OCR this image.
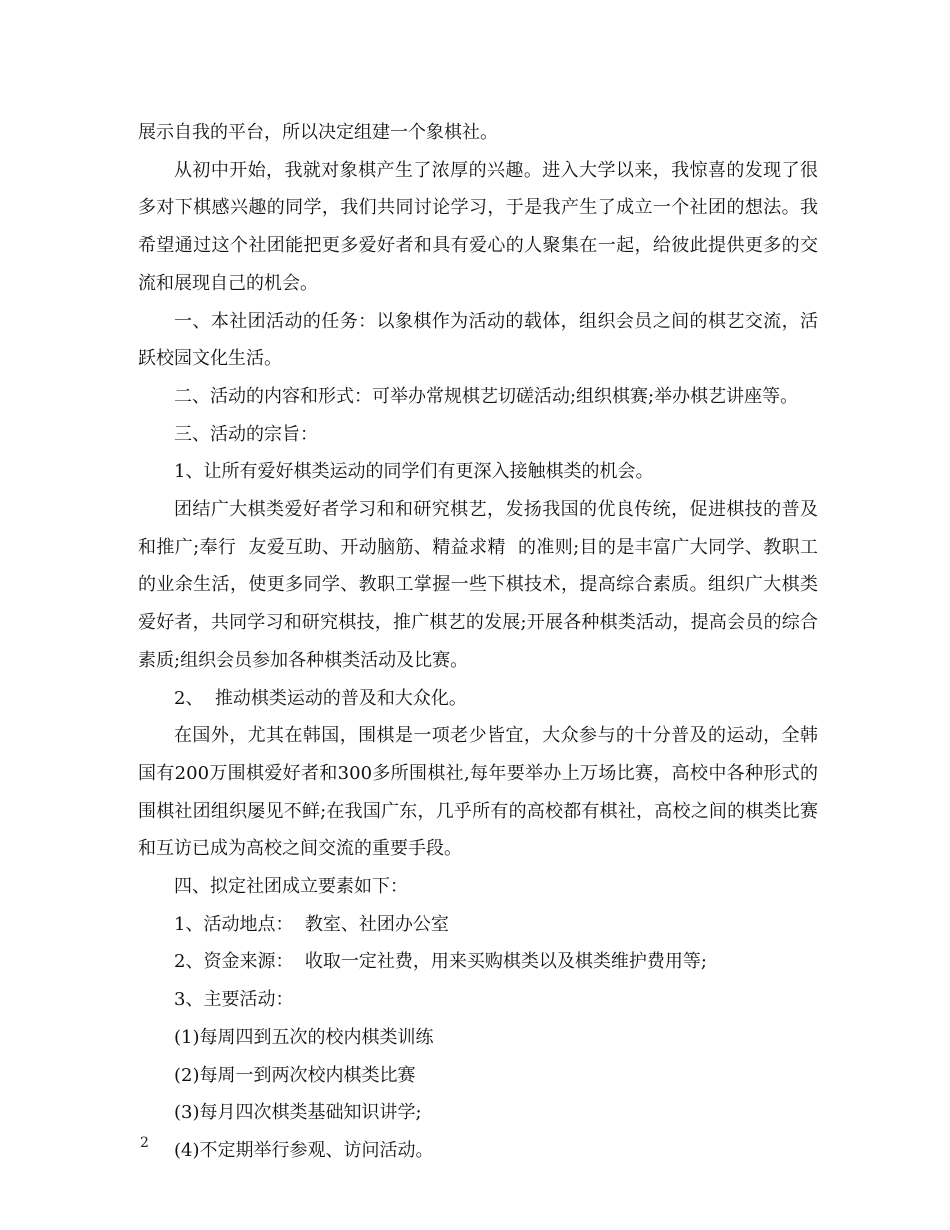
展示自我的平台，所以决定组建一个象棋社。

从初中开始，我就对象棋产生了浓厚的兴趣。进入大学以来，我惊喜的发现了很多对下棋感兴趣的同学，我们共同讨论学习，于是我产生了成立一个社团的想法。我希望通过这个社团能把更多爱好者和具有爱心的人聚集在一起，给彼此提供更多的交流和展现自己的机会。

一、本社团活动的任务：以象棋作为活动的载体，组织会员之间的棋艺交流，活跃校园文化生活。

二、活动的内容和形式：可举办常规棋艺切磋活动;组织棋赛;举办棋艺讲座等。

三、活动的宗旨：

1、让所有爱好棋类运动的同学们有更深入接触棋类的机会。

团结广大棋类爱好者学习和和研究棋艺，发扬我国的优良传统，促进棋技的普及和推广;奉行  友爱互助、开动脑筋、精益求精  的准则;目的是丰富广大同学、教职工的业余生活，使更多同学、教职工掌握一些下棋技术，提高综合素质。组织广大棋类爱好者，共同学习和研究棋技，推广棋艺的发展;开展各种棋类活动，提高会员的综合素质;组织会员参加各种棋类活动及比赛。

2、  推动棋类运动的普及和大众化。

在国外，尤其在韩国，围棋是一项老少皆宜，大众参与的十分普及的运动，全韩国有200万围棋爱好者和300多所围棋社,每年要举办上万场比赛，高校中各种形式的围棋社团组织屡见不鲜;在我国广东，几乎所有的高校都有棋社，高校之间的棋类比赛和互访已成为高校之间交流的重要手段。

四、拟定社团成立要素如下：

1、活动地点：  教室、社团办公室

2、资金来源：  收取一定社费，用来买购棋类以及棋类维护费用等;

3、主要活动：

(1)每周四到五次的校内棋类训练

(2)每周一到两次校内棋类比赛

(3)每月四次棋类基础知识讲学;

(4)不定期举行参观、访问活动。

2
